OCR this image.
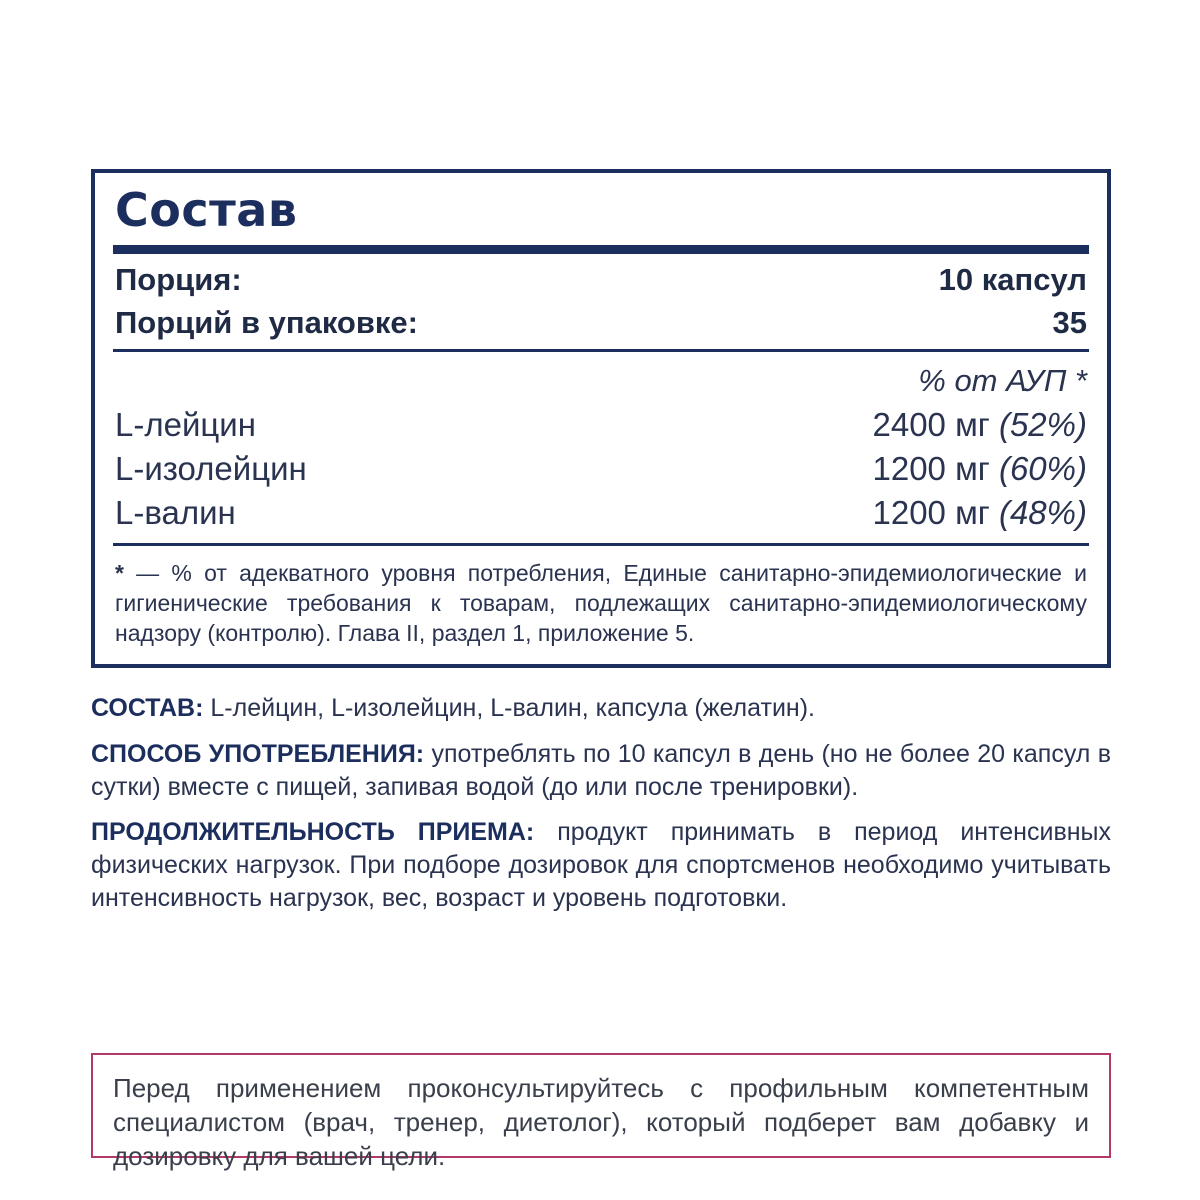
Состав
Порция:	10 капсул
Порций в упаковке:	35
% от АУП *
L-лейцин	2400 мг (52%)
L-изолейцин	1200 мг (60%)
L-валин	1200 мг (48%)
* — % от адекватного уровня потребления, Единые санитарно-эпидемиологические и гигиенические требования к товарам, подлежащих санитарно-эпидемиологическому надзору (контролю). Глава II, раздел 1, приложение 5.
СОСТАВ: L-лейцин, L-изолейцин, L-валин, капсула (желатин).
СПОСОБ УПОТРЕБЛЕНИЯ: употреблять по 10 капсул в день (но не более 20 капсул в сутки) вместе с пищей, запивая водой (до или после тренировки).
ПРОДОЛЖИТЕЛЬНОСТЬ ПРИЕМА: продукт принимать в период интенсивных физических нагрузок. При подборе дозировок для спортсменов необходимо учитывать интенсивность нагрузок, вес, возраст и уровень подготовки.
Перед применением проконсультируйтесь с профильным компетентным специалистом (врач, тренер, диетолог), который подберет вам добавку и дозировку для вашей цели.
